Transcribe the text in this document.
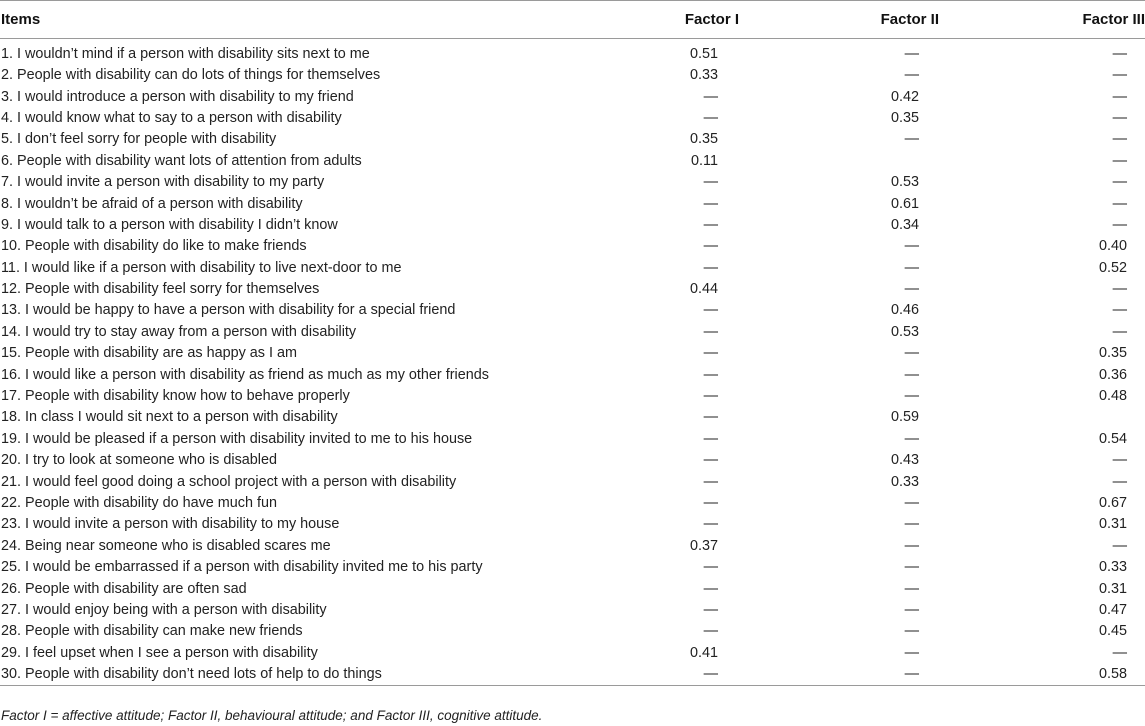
Items	Factor I	Factor II	Factor III
1. I wouldn’t mind if a person with disability sits next to me	0.51	—	—
2. People with disability can do lots of things for themselves	0.33	—	—
3. I would introduce a person with disability to my friend	—	0.42	—
4. I would know what to say to a person with disability	—	0.35	—
5. I don’t feel sorry for people with disability	0.35	—	—
6. People with disability want lots of attention from adults	0.11		—
7. I would invite a person with disability to my party	—	0.53	—
8. I wouldn’t be afraid of a person with disability	—	0.61	—
9. I would talk to a person with disability I didn’t know	—	0.34	—
10. People with disability do like to make friends	—	—	0.40
11. I would like if a person with disability to live next-door to me	—	—	0.52
12. People with disability feel sorry for themselves	0.44	—	—
13. I would be happy to have a person with disability for a special friend	—	0.46	—
14. I would try to stay away from a person with disability	—	0.53	—
15. People with disability are as happy as I am	—	—	0.35
16. I would like a person with disability as friend as much as my other friends	—	—	0.36
17. People with disability know how to behave properly	—	—	0.48
18. In class I would sit next to a person with disability	—	0.59	
19. I would be pleased if a person with disability invited to me to his house	—	—	0.54
20. I try to look at someone who is disabled	—	0.43	—
21. I would feel good doing a school project with a person with disability	—	0.33	—
22. People with disability do have much fun	—	—	0.67
23. I would invite a person with disability to my house	—	—	0.31
24. Being near someone who is disabled scares me	0.37	—	—
25. I would be embarrassed if a person with disability invited me to his party	—	—	0.33
26. People with disability are often sad	—	—	0.31
27. I would enjoy being with a person with disability	—	—	0.47
28. People with disability can make new friends	—	—	0.45
29. I feel upset when I see a person with disability	0.41	—	—
30. People with disability don’t need lots of help to do things	—	—	0.58
Factor I = affective attitude; Factor II, behavioural attitude; and Factor III, cognitive attitude.
